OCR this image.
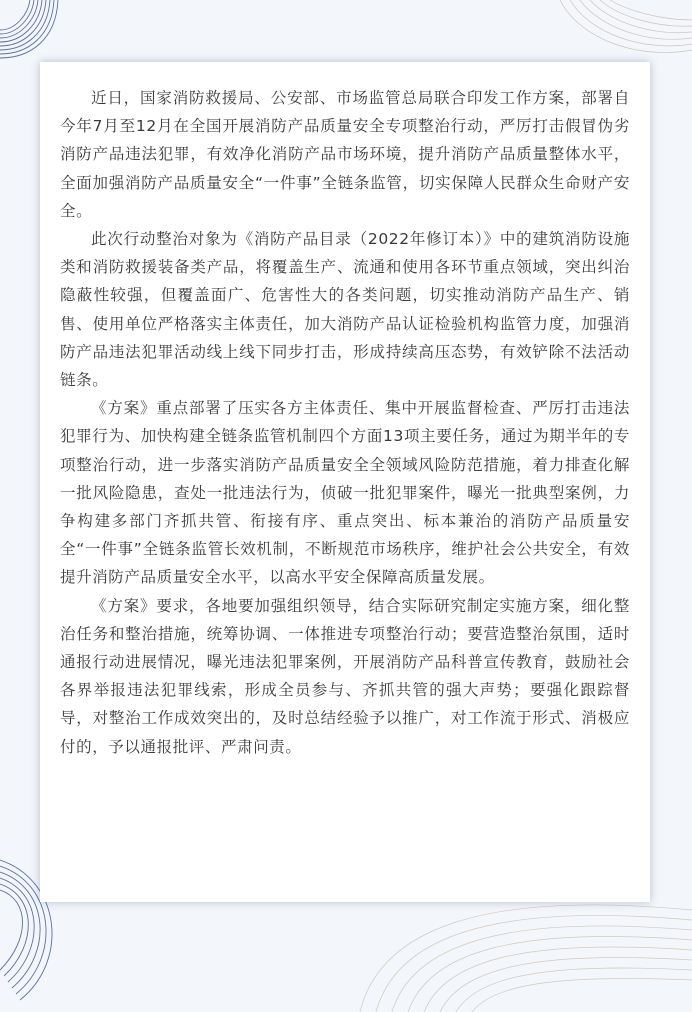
近日，国家消防救援局、公安部、市场监管总局联合印发工作方案，部署自今年7月至12月在全国开展消防产品质量安全专项整治行动，严厉打击假冒伪劣消防产品违法犯罪，有效净化消防产品市场环境，提升消防产品质量整体水平，全面加强消防产品质量安全“一件事”全链条监管，切实保障人民群众生命财产安全。

此次行动整治对象为《消防产品目录（2022年修订本）》中的建筑消防设施类和消防救援装备类产品，将覆盖生产、流通和使用各环节重点领域，突出纠治隐蔽性较强，但覆盖面广、危害性大的各类问题，切实推动消防产品生产、销售、使用单位严格落实主体责任，加大消防产品认证检验机构监管力度，加强消防产品违法犯罪活动线上线下同步打击，形成持续高压态势，有效铲除不法活动链条。

《方案》重点部署了压实各方主体责任、集中开展监督检查、严厉打击违法犯罪行为、加快构建全链条监管机制四个方面13项主要任务，通过为期半年的专项整治行动，进一步落实消防产品质量安全全领域风险防范措施，着力排查化解一批风险隐患，查处一批违法行为，侦破一批犯罪案件，曝光一批典型案例，力争构建多部门齐抓共管、衔接有序、重点突出、标本兼治的消防产品质量安全“一件事”全链条监管长效机制，不断规范市场秩序，维护社会公共安全，有效提升消防产品质量安全水平，以高水平安全保障高质量发展。

《方案》要求，各地要加强组织领导，结合实际研究制定实施方案，细化整治任务和整治措施，统筹协调、一体推进专项整治行动；要营造整治氛围，适时通报行动进展情况，曝光违法犯罪案例，开展消防产品科普宣传教育，鼓励社会各界举报违法犯罪线索，形成全员参与、齐抓共管的强大声势；要强化跟踪督导，对整治工作成效突出的，及时总结经验予以推广，对工作流于形式、消极应付的，予以通报批评、严肃问责。
